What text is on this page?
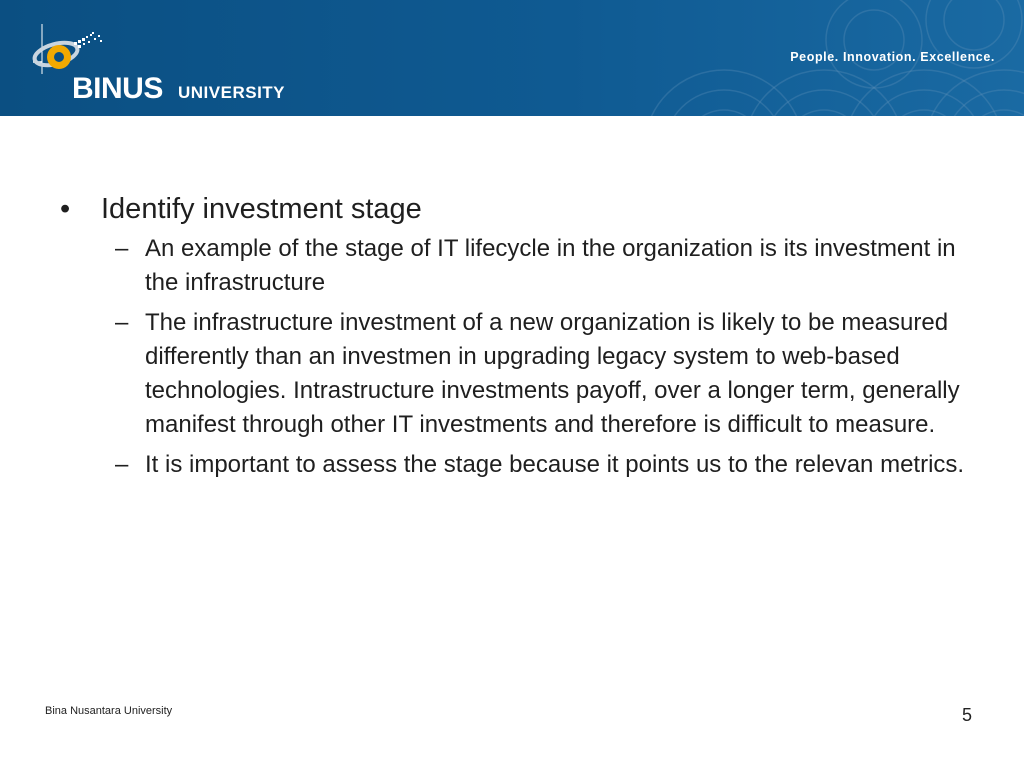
BINUS UNIVERSITY
People. Innovation. Excellence.
• Identify investment stage
– An example of the stage of IT lifecycle in the organization is its investment in the infrastructure
– The infrastructure investment of a new organization is likely to be measured differently than an investmen in upgrading legacy system to web-based technologies. Intrastructure investments payoff, over a longer term, generally manifest through other IT investments and therefore is difficult to measure.
– It is important to assess the stage because it points us to the relevan metrics.
Bina Nusantara University	5
